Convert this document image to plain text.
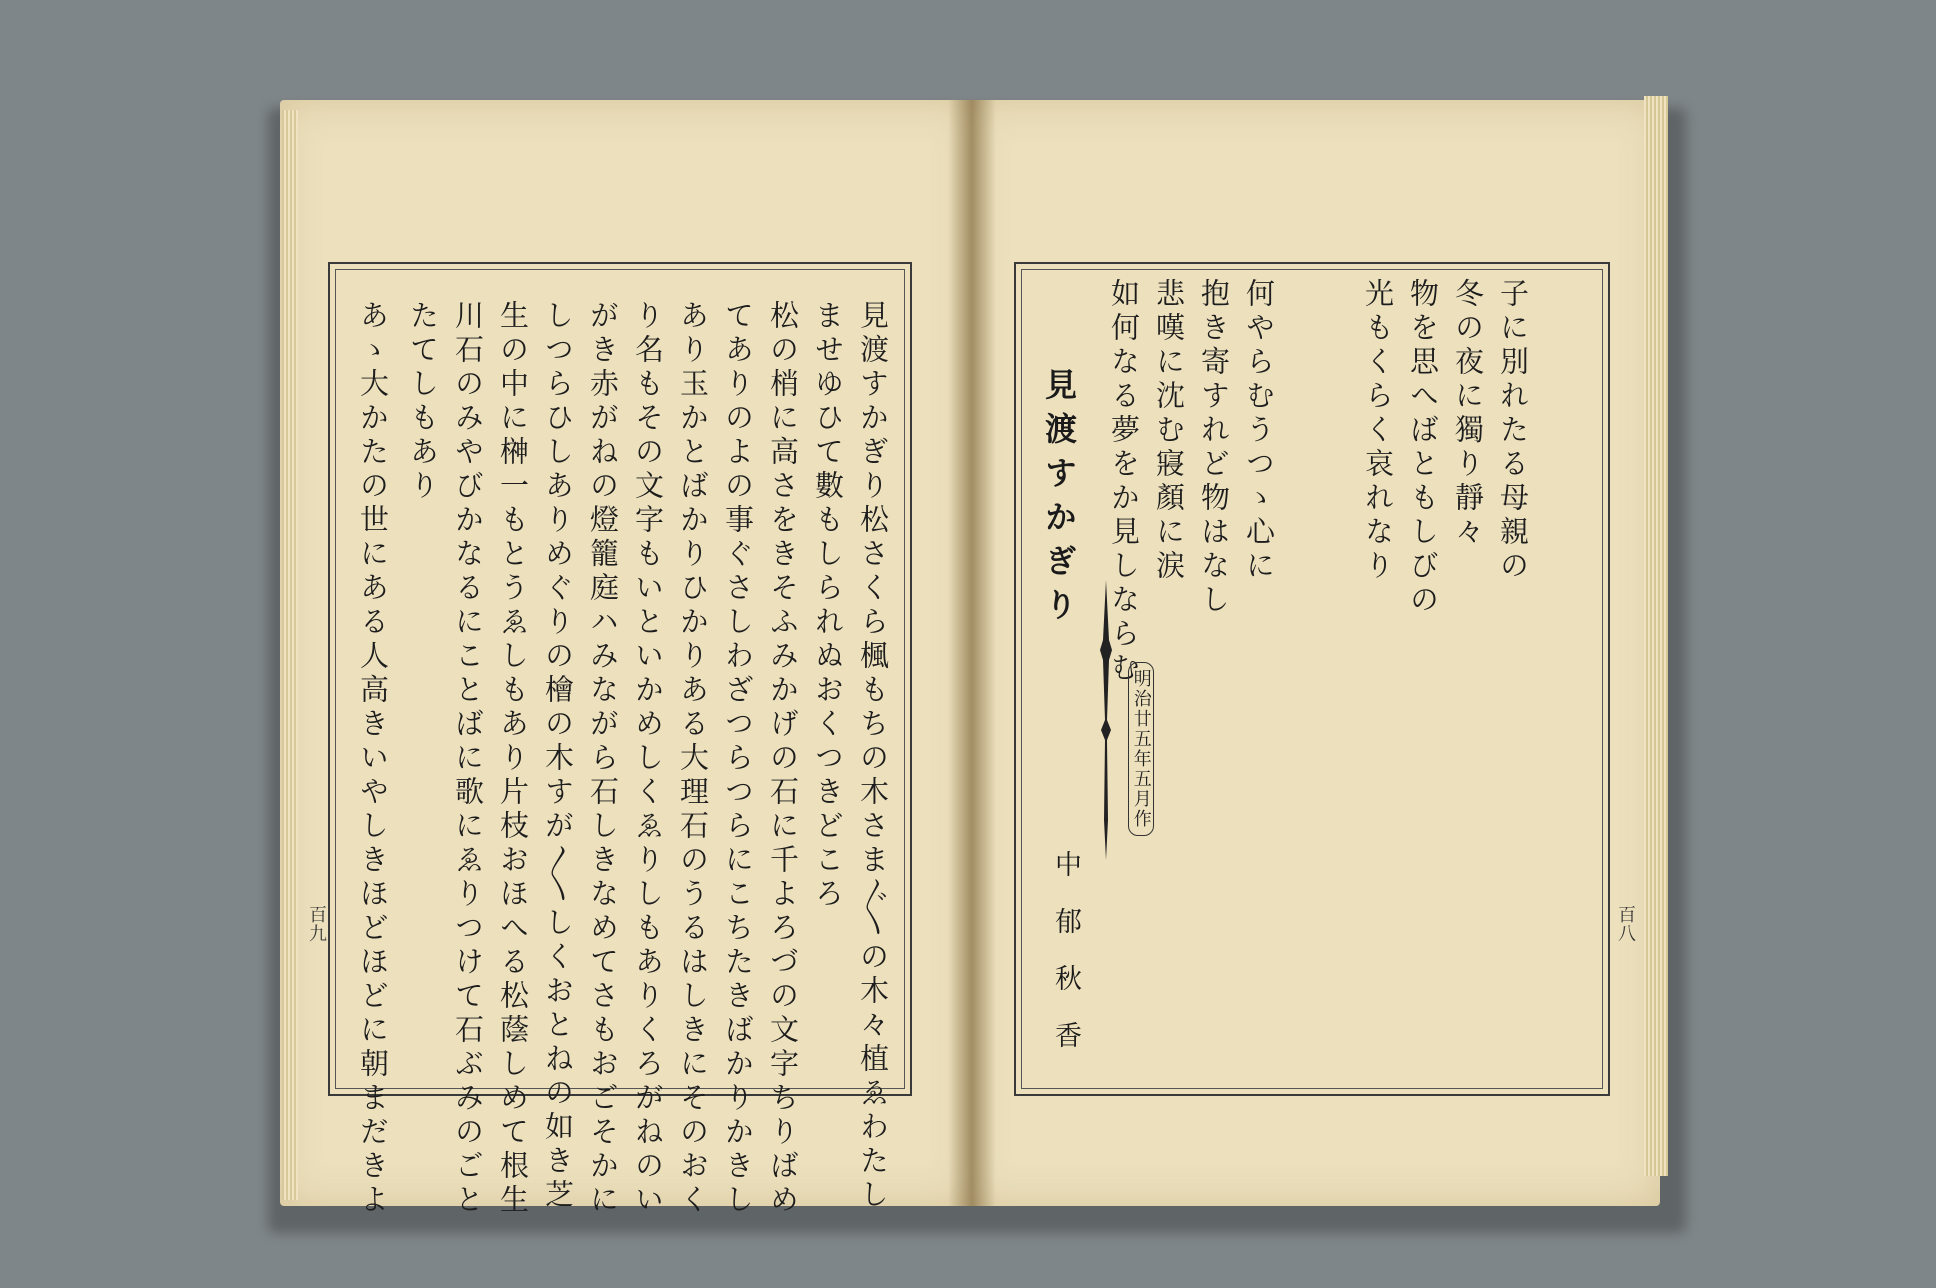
見渡すかぎり松さくら楓もちの木さま〴〵の木々植ゑわたし
ませゆひて數もしられぬおくつきどころ
松の梢に高さをきそふみかげの石に千よろづの文字ちりばめ
てありのよの事ぐさしわざつらつらにこちたきばかりかきし
あり玉かとばかりひかりある大理石のうるはしきにそのおく
り名もその文字もいといかめしくゑりしもありくろがねのい
がき赤がねの燈籠庭ハみながら石しきなめてさもおごそかに
しつらひしありめぐりの檜の木すが〳〵しくおとねの如き芝
生の中に榊一もとうゑしもあり片枝おほへる松蔭しめて根生
川石のみやびかなるにことばに歌にゑりつけて石ぶみのごと
たてしもあり
あゝ大かたの世にある人高きいやしきほどほどに朝まだきよ
百九
子に別れたる母親の
冬の夜に獨り靜々
物を思へばともしびの
光もくらく哀れなり
何やらむうつゝ心に
抱き寄すれど物はなし
悲嘆に沈む寢顏に涙
如何なる夢をか見しならむ
明治廿五年五月作
見渡すかぎり
中郁秋香	百八
